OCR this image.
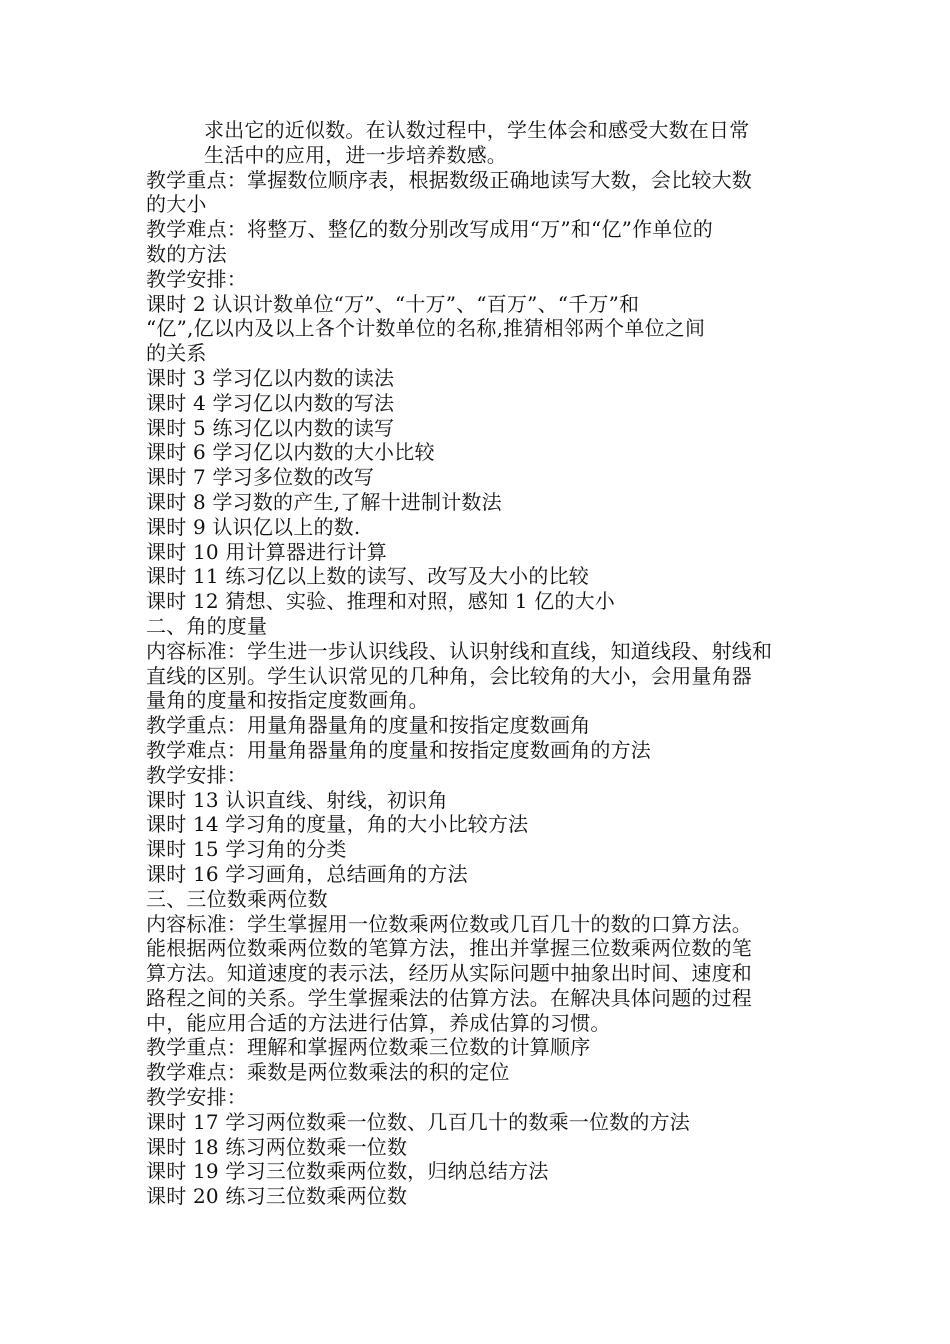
求出它的近似数。在认数过程中，学生体会和感受大数在日常
生活中的应用，进一步培养数感。
教学重点：掌握数位顺序表，根据数级正确地读写大数，会比较大数
的大小
教学难点：将整万、整亿的数分别改写成用“万”和“亿”作单位的
数的方法
教学安排：
课时 2 认识计数单位“万”、“十万”、“百万”、“千万”和
“亿”,亿以内及以上各个计数单位的名称,推猜相邻两个单位之间
的关系
课时 3 学习亿以内数的读法
课时 4 学习亿以内数的写法
课时 5 练习亿以内数的读写
课时 6 学习亿以内数的大小比较
课时 7 学习多位数的改写
课时 8 学习数的产生,了解十进制计数法
课时 9 认识亿以上的数.
课时 10 用计算器进行计算
课时 11 练习亿以上数的读写、改写及大小的比较
课时 12 猜想、实验、推理和对照，感知 1 亿的大小
二、角的度量
内容标准：学生进一步认识线段、认识射线和直线，知道线段、射线和
直线的区别。学生认识常见的几种角，会比较角的大小，会用量角器
量角的度量和按指定度数画角。
教学重点：用量角器量角的度量和按指定度数画角
教学难点：用量角器量角的度量和按指定度数画角的方法
教学安排：
课时 13 认识直线、射线，初识角
课时 14 学习角的度量，角的大小比较方法
课时 15 学习角的分类
课时 16 学习画角，总结画角的方法
三、三位数乘两位数
内容标准：学生掌握用一位数乘两位数或几百几十的数的口算方法。
能根据两位数乘两位数的笔算方法，推出并掌握三位数乘两位数的笔
算方法。知道速度的表示法，经历从实际问题中抽象出时间、速度和
路程之间的关系。学生掌握乘法的估算方法。在解决具体问题的过程
中，能应用合适的方法进行估算，养成估算的习惯。
教学重点：理解和掌握两位数乘三位数的计算顺序
教学难点：乘数是两位数乘法的积的定位
教学安排：
课时 17 学习两位数乘一位数、几百几十的数乘一位数的方法
课时 18 练习两位数乘一位数
课时 19 学习三位数乘两位数，归纳总结方法
课时 20 练习三位数乘两位数
